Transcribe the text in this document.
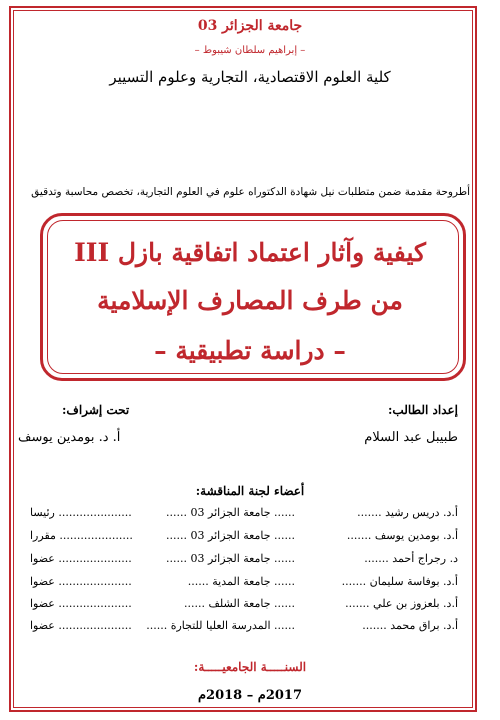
جامعة الجزائر 03
– إبراهيم سلطان شيبوط –
كلية العلوم الاقتصادية، التجارية وعلوم التسيير
أطروحة مقدمة ضمن متطلبات نيل شهادة الدكتوراه علوم في العلوم التجارية، تخصص محاسبة وتدقيق
كيفية وآثار اعتماد اتفاقية بازل III
من طرف المصارف الإسلامية
– دراسة تطبيقية –
إعداد الطالب:
تحت إشراف:
طبيبل عبد السلام
أ. د. بومدين يوسف
أعضاء لجنة المناقشة:
أ.د. دريس رشيد .......
...... جامعة الجزائر 03 ......
..................... رئيسا
أ.د. بومدين يوسف .......
...... جامعة الجزائر 03 ......
..................... مقررا
د. رجراج أحمد .......
...... جامعة الجزائر 03 ......
..................... عضوا
أ.د. بوفاسة سليمان .......
...... جامعة المدية ......
..................... عضوا
أ.د. بلعزوز بن علي .......
...... جامعة الشلف ......
..................... عضوا
أ.د. براق محمد .......
...... المدرسة العليا للتجارة ......
..................... عضوا
السنـــــة الجامعيـــــة:
2017م – 2018م
